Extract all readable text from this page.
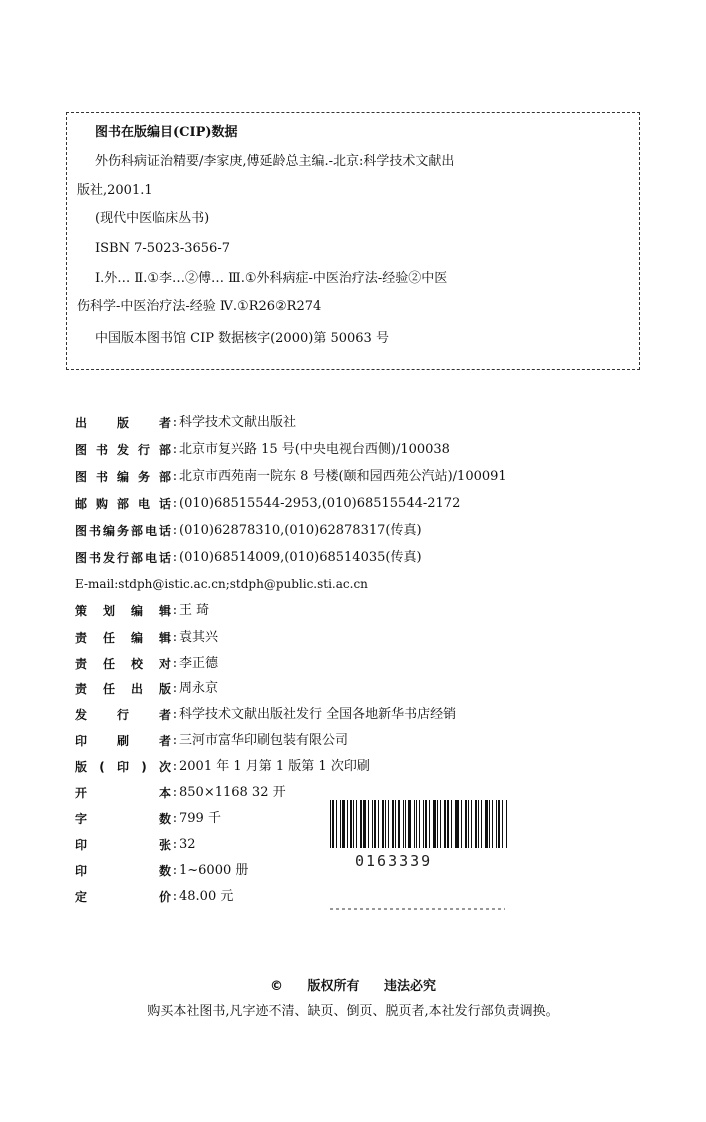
图书在版编目(CIP)数据
外伤科病证治精要/李家庚,傅延龄总主编.-北京:科学技术文献出
版社,2001.1
(现代中医临床丛书)
ISBN 7-5023-3656-7
Ⅰ.外… Ⅱ.①李…②傅… Ⅲ.①外科病症-中医治疗法-经验②中医
伤科学-中医治疗法-经验 Ⅳ.①R26②R274
中国版本图书馆 CIP 数据核字(2000)第 50063 号
出版者 : 科学技术文献出版社
图书发行部 : 北京市复兴路 15 号(中央电视台西侧)/100038
图书编务部 : 北京市西苑南一院东 8 号楼(颐和园西苑公汽站)/100091
邮购部电话 : (010)68515544-2953,(010)68515544-2172
图书编务部电话 : (010)62878310,(010)62878317(传真)
图书发行部电话 : (010)68514009,(010)68514035(传真)
E-mail:stdph@istic.ac.cn;stdph@public.sti.ac.cn
策划编辑 : 王 琦
责任编辑 : 袁其兴
责任校对 : 李正德
责任出版 : 周永京
发行者 : 科学技术文献出版社发行 全国各地新华书店经销
印刷者 : 三河市富华印刷包装有限公司
版(印)次 : 2001 年 1 月第 1 版第 1 次印刷
开本 : 850×1168 32 开
字数 : 799 千
印张 : 32
印数 : 1~6000 册
定价 : 48.00 元
0163339
© 版权所有 违法必究
购买本社图书,凡字迹不清、缺页、倒页、脱页者,本社发行部负责调换。
